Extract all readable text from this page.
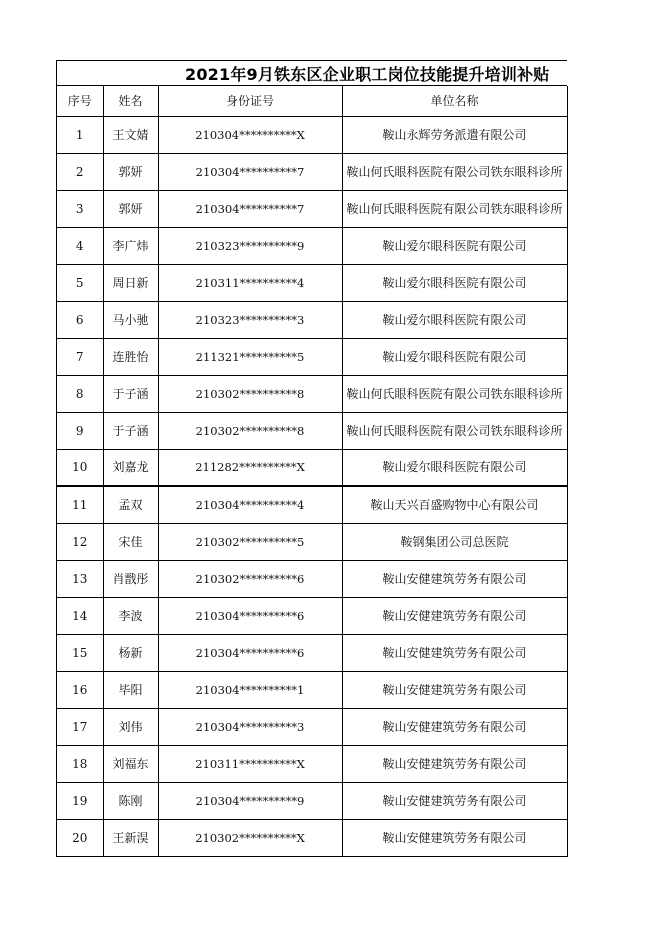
2021年9月铁东区企业职工岗位技能提升培训补贴
序号	姓名	身份证号	单位名称
1	王文婧	210304**********X	鞍山永辉劳务派遣有限公司
2	郭妍	210304**********7	鞍山何氏眼科医院有限公司铁东眼科诊所
3	郭妍	210304**********7	鞍山何氏眼科医院有限公司铁东眼科诊所
4	李广炜	210323**********9	鞍山爱尔眼科医院有限公司
5	周日新	210311**********4	鞍山爱尔眼科医院有限公司
6	马小驰	210323**********3	鞍山爱尔眼科医院有限公司
7	连胜怡	211321**********5	鞍山爱尔眼科医院有限公司
8	于子涵	210302**********8	鞍山何氏眼科医院有限公司铁东眼科诊所
9	于子涵	210302**********8	鞍山何氏眼科医院有限公司铁东眼科诊所
10	刘嘉龙	211282**********X	鞍山爱尔眼科医院有限公司
11	孟双	210304**********4	鞍山天兴百盛购物中心有限公司
12	宋佳	210302**********5	鞍钢集团公司总医院
13	肖戬彤	210302**********6	鞍山安健建筑劳务有限公司
14	李波	210304**********6	鞍山安健建筑劳务有限公司
15	杨新	210304**********6	鞍山安健建筑劳务有限公司
16	毕阳	210304**********1	鞍山安健建筑劳务有限公司
17	刘伟	210304**********3	鞍山安健建筑劳务有限公司
18	刘福东	210311**********X	鞍山安健建筑劳务有限公司
19	陈刚	210304**********9	鞍山安健建筑劳务有限公司
20	王新淏	210302**********X	鞍山安健建筑劳务有限公司
